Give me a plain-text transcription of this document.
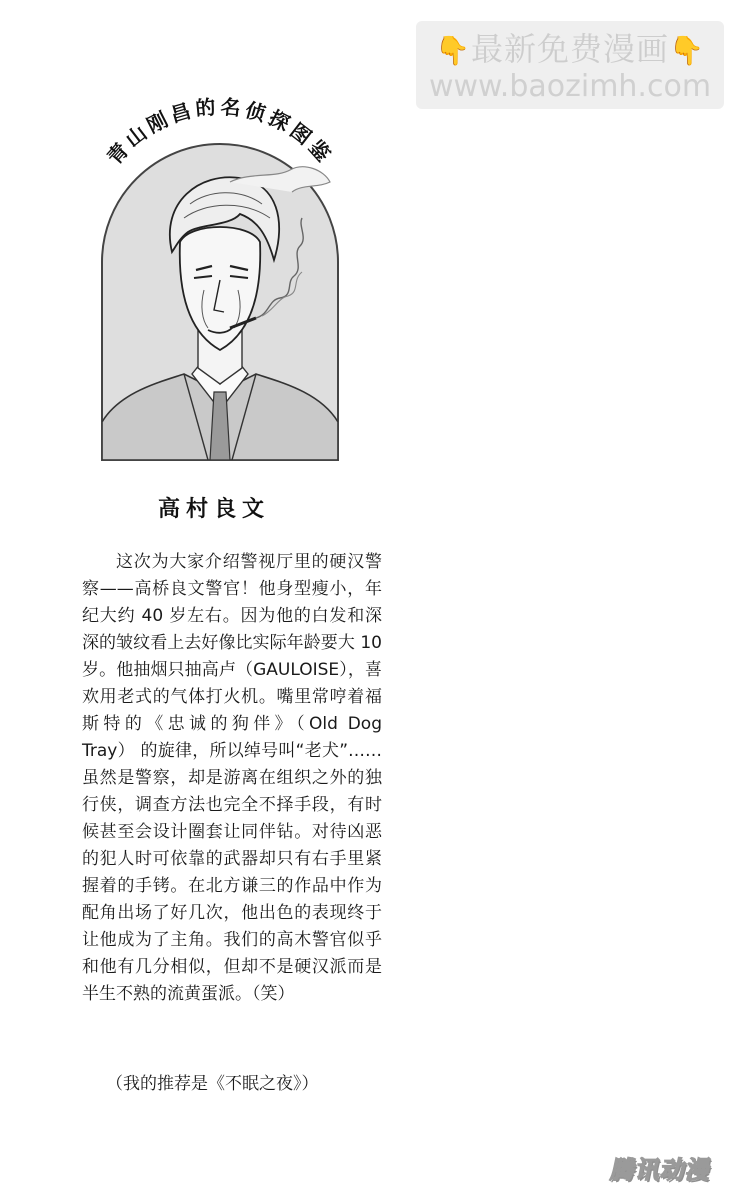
👇最新免费漫画👇
www.baozimh.com
青山刚昌的名侦探图鉴
高村良文

这次为大家介绍警视厅里的硬汉警察——高桥良文警官！他身型瘦小，年纪大约 40 岁左右。因为他的白发和深深的皱纹看上去好像比实际年龄要大 10 岁。他抽烟只抽高卢（GAULOISE），喜欢用老式的气体打火机。嘴里常哼着福斯特的《忠诚的狗伴》（Old Dog Tray） 的旋律，所以绰号叫“老犬”……虽然是警察，却是游离在组织之外的独行侠，调查方法也完全不择手段，有时候甚至会设计圈套让同伴钻。对待凶恶的犯人时可依靠的武器却只有右手里紧握着的手铐。在北方谦三的作品中作为配角出场了好几次，他出色的表现终于让他成为了主角。我们的高木警官似乎和他有几分相似，但却不是硬汉派而是半生不熟的流黄蛋派。（笑）

（我的推荐是《不眠之夜》）
腾讯动漫
